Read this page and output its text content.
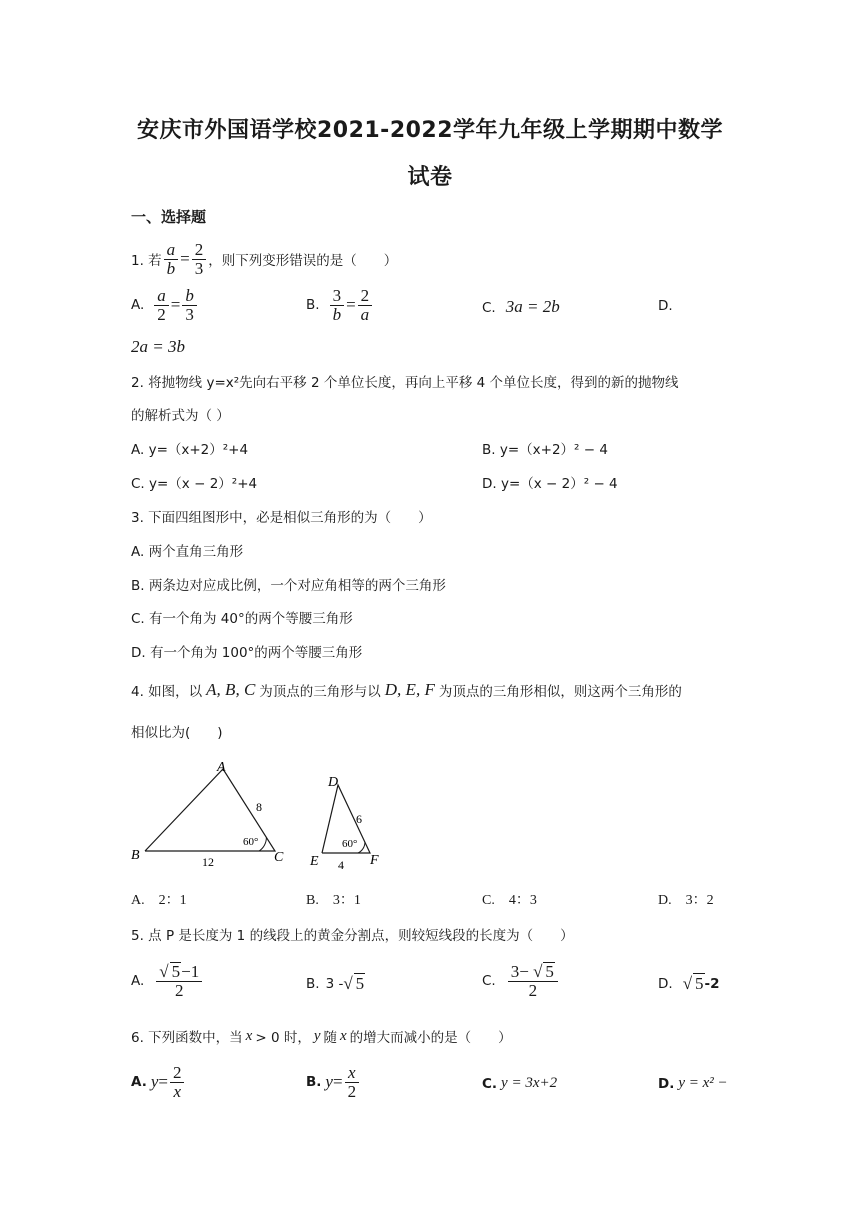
安庆市外国语学校2021-2022学年九年级上学期期中数学
试卷
一、选择题
1. 若 $\frac{a}{b} = \frac{2}{3}$ ，则下列变形错误的是（　　）
A. $\frac{a}{2} = \frac{b}{3}$	B. $\frac{3}{b} = \frac{2}{a}$	C. 3a = 2b	D.
2a = 3b
2. 将抛物线 y=x²先向右平移 2 个单位长度，再向上平移 4 个单位长度，得到的新的抛物线
的解析式为（ ）
A. y=（x+2）²+4	B. y=（x+2）² − 4
C. y=（x − 2）²+4	D. y=（x − 2）² − 4
3. 下面四组图形中，必是相似三角形的为（　　）
A. 两个直角三角形
B. 两条边对应成比例，一个对应角相等的两个三角形
C. 有一个角为 40°的两个等腰三角形
D. 有一个角为 100°的两个等腰三角形
4. 如图，以 A, B, C 为顶点的三角形与以 D, E, F 为顶点的三角形相似，则这两个三角形的
相似比为(　　)
A
B	C
8
12
60°
D
E	F
6
4
60°
A.　2：1	B.　3：1	C.　4：3	D.　3：2
5. 点 P 是长度为 1 的线段上的黄金分割点，则较短线段的长度为（　　）
A. $\frac{√ 5-1}{2}$	B. 3 - √ 5	C. $\frac{3- √ 5}{2}$	D. √ 5 -2
6. 下列函数中，当 x > 0 时， y 随 x 的增大而减小的是（　　）
A. $y = \frac{2}{x}$	B. $y = \frac{x}{2}$	C. y = 3x+2	D. y = x² −
